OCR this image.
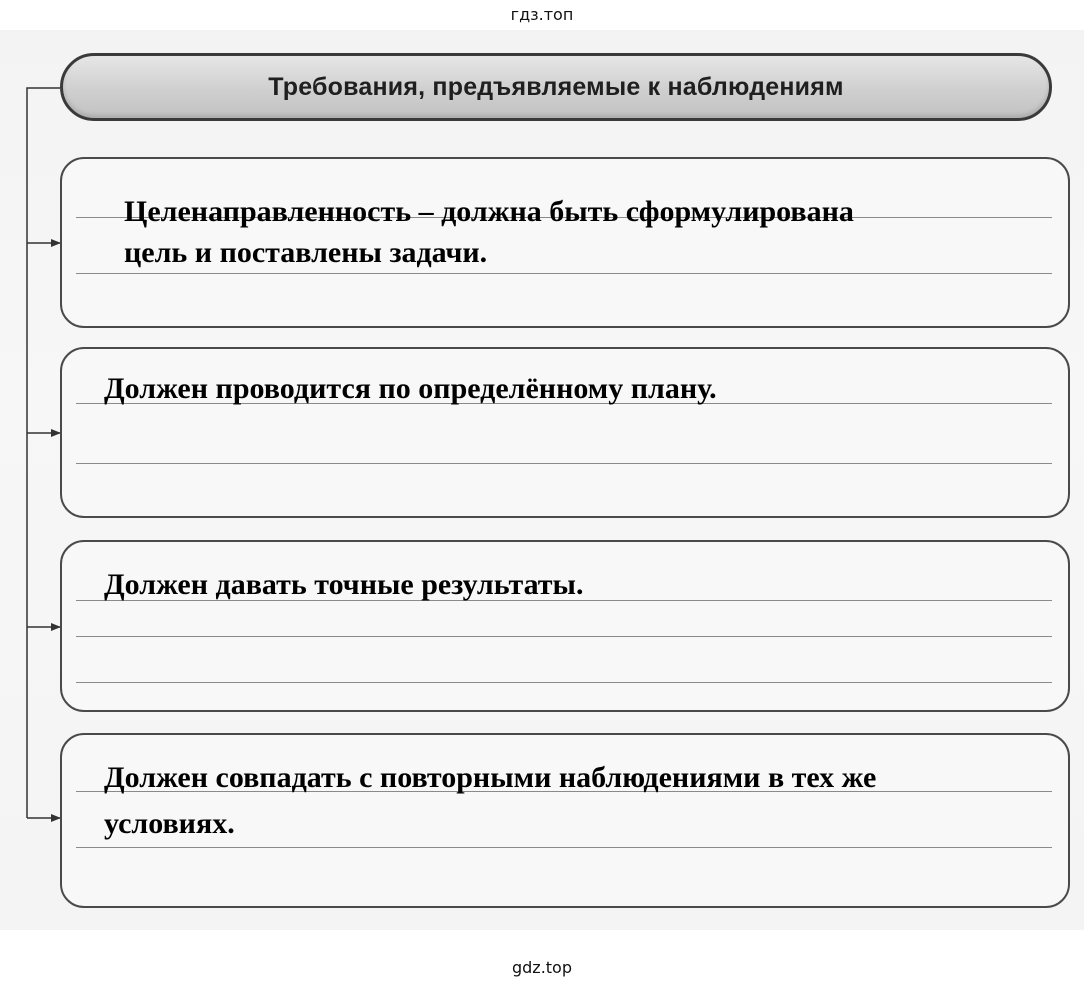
гдз.топ
Требования, предъявляемые к наблюдениям
Целенаправленность – должна быть сформулирована
цель и поставлены задачи.
Должен проводится по определённому плану.
Должен давать точные результаты.
Должен совпадать с повторными наблюдениями в тех же
условиях.
gdz.top
